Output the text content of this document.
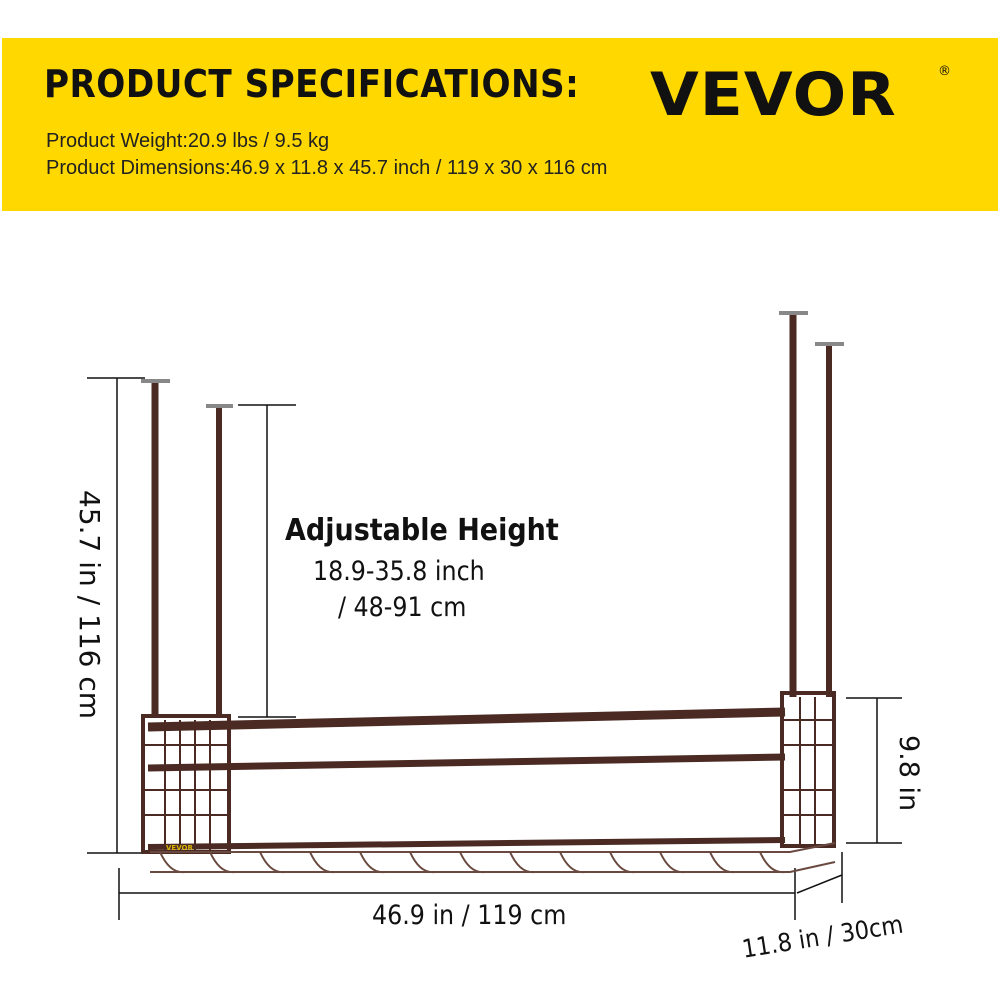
PRODUCT SPECIFICATIONS:
Product Weight:20.9 lbs / 9.5 kg
Product Dimensions:46.9 x 11.8 x 45.7 inch / 119 x 30 x 116 cm
VEVOR	®
VEVOR
Adjustable Height
18.9-35.8 inch
/ 48-91 cm
45.7 in / 116 cm
9.8 in
46.9 in / 119 cm	11.8 in / 30cm
